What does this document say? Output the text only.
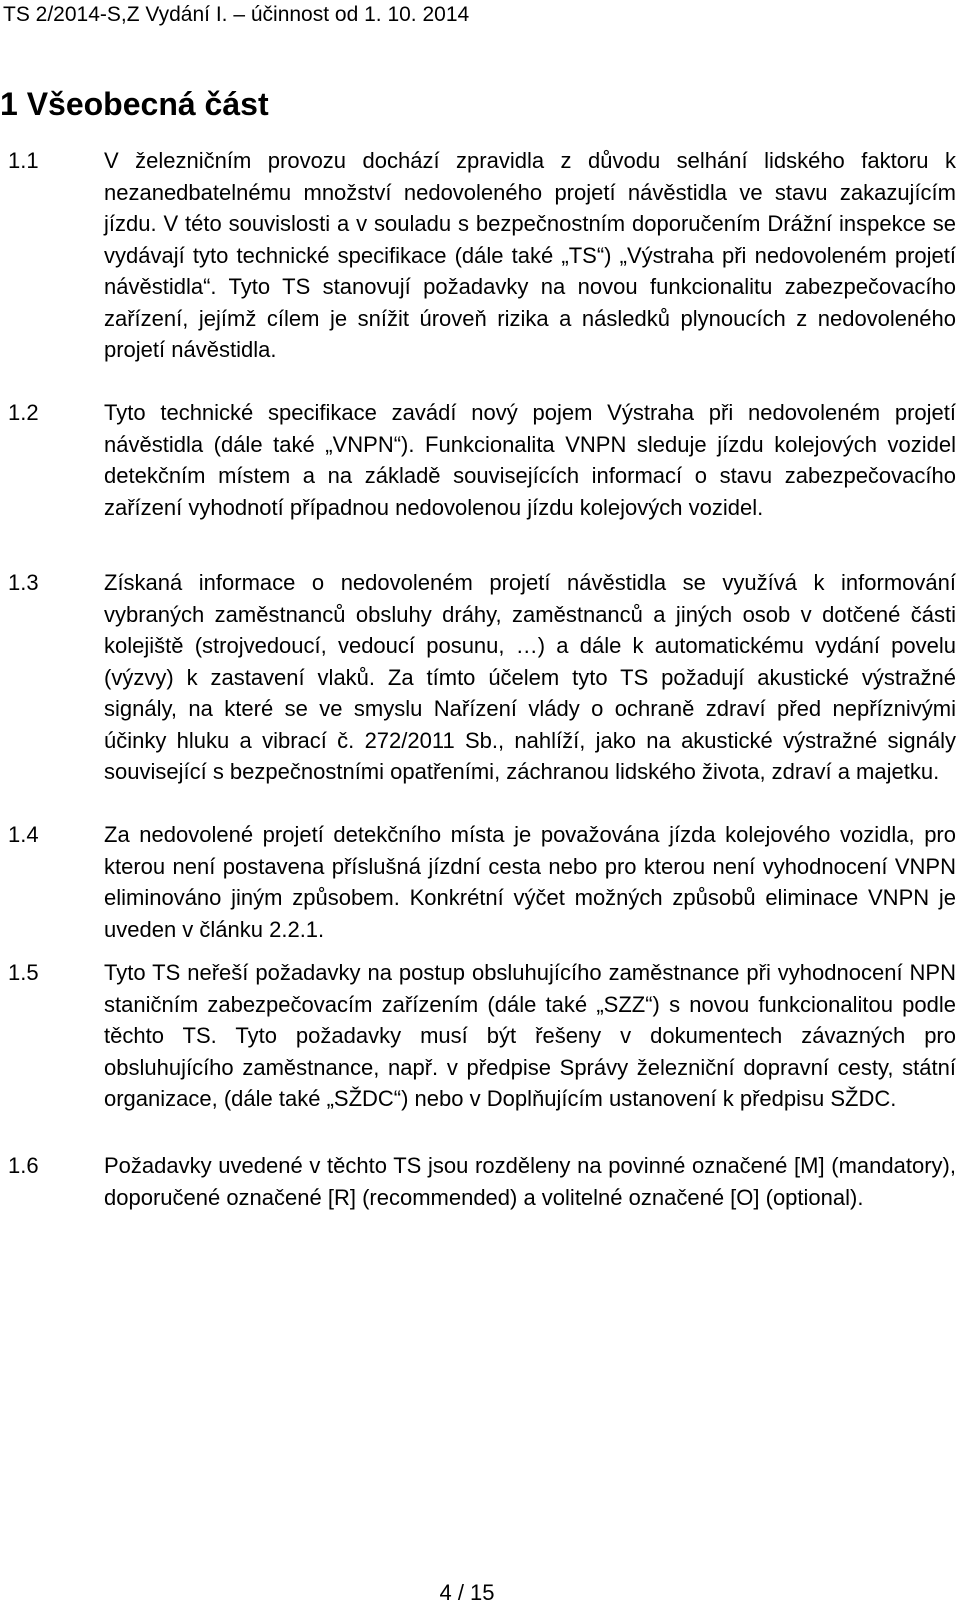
TS 2/2014-S,Z Vydání I. – účinnost od 1. 10. 2014
1 Všeobecná část
1.1	V železničním provozu dochází zpravidla z důvodu selhání lidského faktoru k nezanedbatelnému množství nedovoleného projetí návěstidla ve stavu zakazujícím jízdu. V této souvislosti a v souladu s bezpečnostním doporučením Drážní inspekce se vydávají tyto technické specifikace (dále také „TS“) „Výstraha při nedovoleném projetí návěstidla“. Tyto TS stanovují požadavky na novou funkcionalitu zabezpečovacího zařízení, jejímž cílem je snížit úroveň rizika a následků plynoucích z nedovoleného projetí návěstidla.

1.2	Tyto technické specifikace zavádí nový pojem Výstraha při nedovoleném projetí návěstidla (dále také „VNPN“). Funkcionalita VNPN sleduje jízdu kolejových vozidel detekčním místem a na základě souvisejících informací o stavu zabezpečovacího zařízení vyhodnotí případnou nedovolenou jízdu kolejových vozidel.

1.3	Získaná informace o nedovoleném projetí návěstidla se využívá k informování vybraných zaměstnanců obsluhy dráhy, zaměstnanců a jiných osob v dotčené části kolejiště (strojvedoucí, vedoucí posunu, …) a dále k automatickému vydání povelu (výzvy) k zastavení vlaků. Za tímto účelem tyto TS požadují akustické výstražné signály, na které se ve smyslu Nařízení vlády o ochraně zdraví před nepříznivými účinky hluku a vibrací č. 272/2011 Sb., nahlíží, jako na akustické výstražné signály související s bezpečnostními opatřeními, záchranou lidského života, zdraví a majetku.

1.4	Za nedovolené projetí detekčního místa je považována jízda kolejového vozidla, pro kterou není postavena příslušná jízdní cesta nebo pro kterou není vyhodnocení VNPN eliminováno jiným způsobem. Konkrétní výčet možných způsobů eliminace VNPN je uveden v článku 2.2.1.

1.5	Tyto TS neřeší požadavky na postup obsluhujícího zaměstnance při vyhodnocení NPN staničním zabezpečovacím zařízením (dále také „SZZ“) s novou funkcionalitou podle těchto TS. Tyto požadavky musí být řešeny v dokumentech závazných pro obsluhujícího zaměstnance, např. v předpise Správy železniční dopravní cesty, státní organizace, (dále také „SŽDC“) nebo v Doplňujícím ustanovení k předpisu SŽDC.

1.6	Požadavky uvedené v těchto TS jsou rozděleny na povinné označené [M] (mandatory), doporučené označené [R] (recommended) a volitelné označené [O] (optional).

4 / 15
